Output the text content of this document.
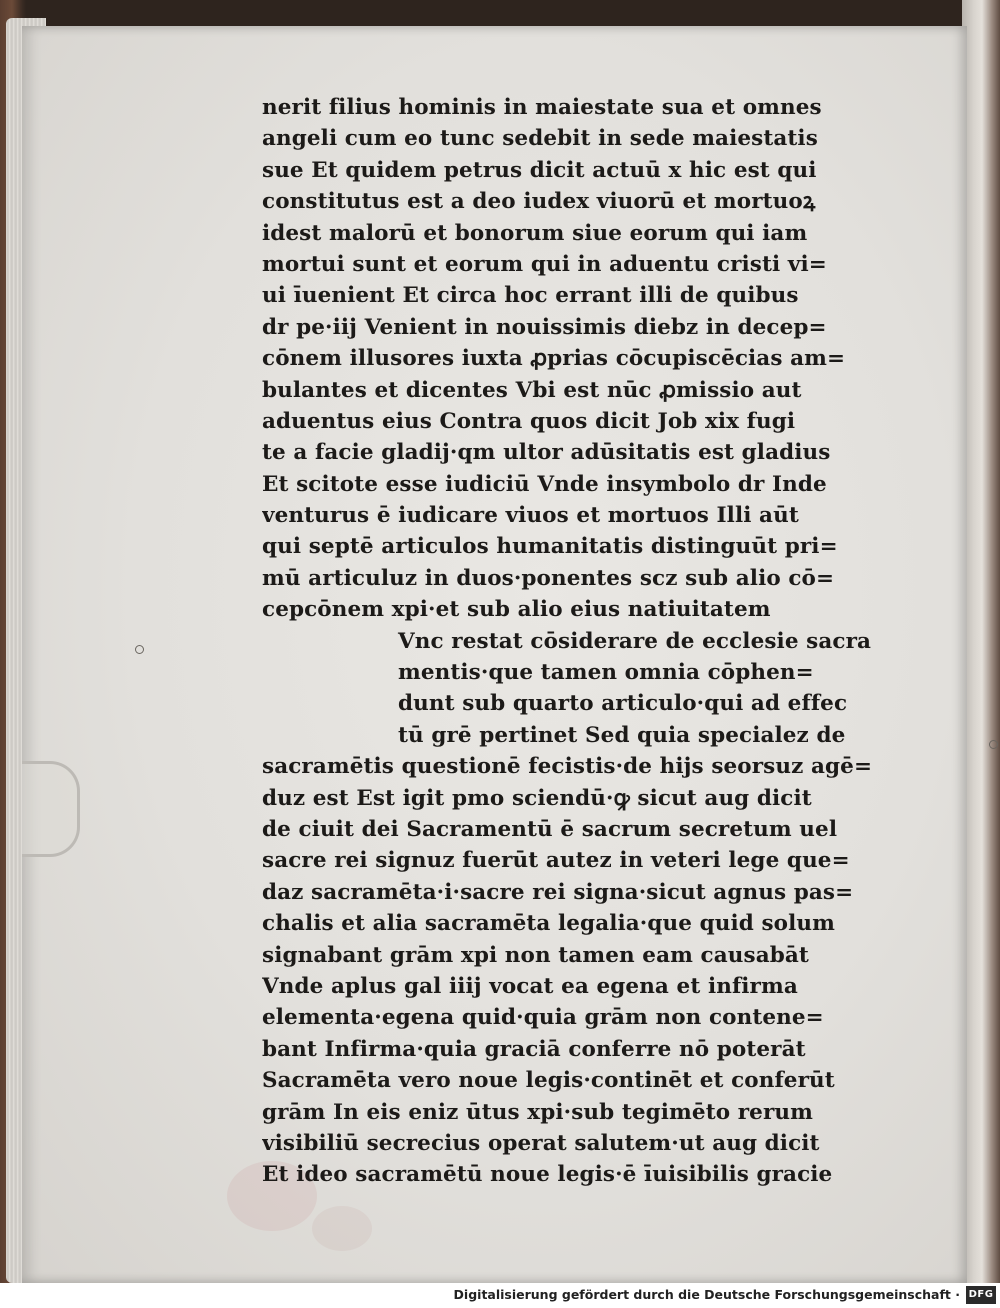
nerit filius hominis in maiestate sua et omnes
angeli cum eo tunc sedebit in sede maiestatis
sue Et quidem petrus dicit actuū x hic est qui
constitutus est a deo iudex viuorū et mortuoꝝ
idest malorū et bonorum siue eorum qui iam
mortui sunt et eorum qui in aduentu cristi vi=
ui īuenient Et circa hoc errant illi de quibus
dr pe·iij Venient in nouissimis diebz in decep=
cōnem illusores iuxta ꝓprias cōcupiscēcias am=
bulantes et dicentes Vbi est nūc ꝓmissio aut
aduentus eius Contra quos dicit Job xix fugi
te a facie gladij·qm ultor adūsitatis est gladius
Et scitote esse iudiciū Vnde insymbolo dr Inde
venturus ē iudicare viuos et mortuos Illi aūt
qui septē articulos humanitatis distinguūt pri=
mū articuluz in duos·ponentes scz sub alio cō=
cepcōnem xpi·et sub alio eius natiuitatem
Vnc restat cōsiderare de ecclesie sacra
mentis·que tamen omnia cōphen=
dunt sub quarto articulo·qui ad effec
tū grē pertinet Sed quia specialez de
sacramētis questionē fecistis·de hijs seorsuz agē=
duz est Est igit pmo sciendū·ꝙ sicut aug dicit
de ciuit dei Sacramentū ē sacrum secretum uel
sacre rei signuz fuerūt autez in veteri lege que=
daz sacramēta·i·sacre rei signa·sicut agnus pas=
chalis et alia sacramēta legalia·que quid solum
signabant grām xpi non tamen eam causabāt
Vnde aplus gal iiij vocat ea egena et infirma
elementa·egena quid·quia grām non contene=
bant Infirma·quia graciā conferre nō poterāt
Sacramēta vero noue legis·continēt et conferūt
grām In eis eniz ūtus xpi·sub tegimēto rerum
visibiliū secrecius operat salutem·ut aug dicit
Et ideo sacramētū noue legis·ē īuisibilis gracie
Digitalisierung gefördert durch die Deutsche Forschungsgemeinschaft · DFG
